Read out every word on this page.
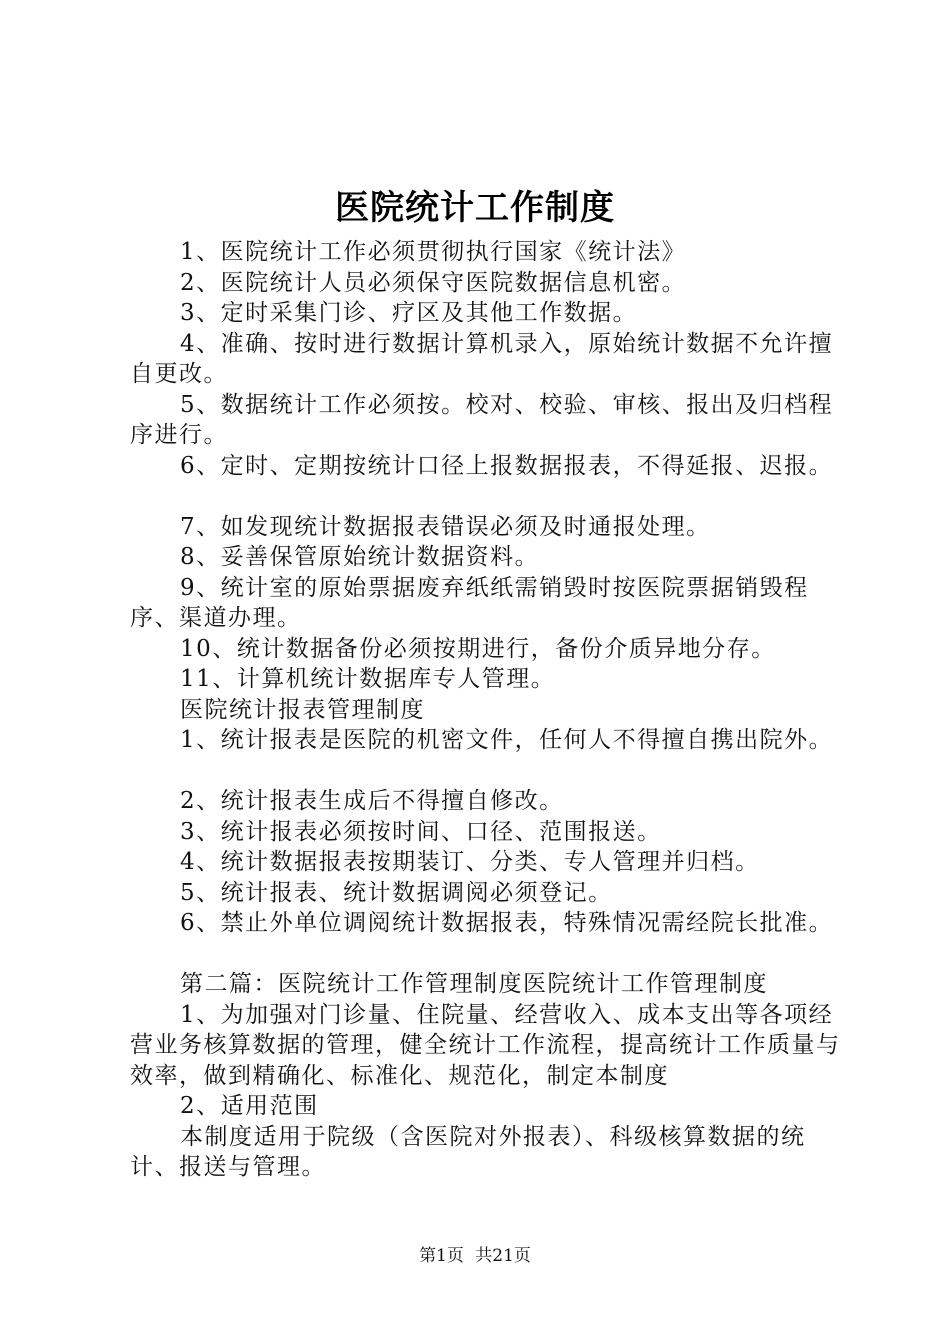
医院统计工作制度

1、医院统计工作必须贯彻执行国家《统计法》

2、医院统计人员必须保守医院数据信息机密。

3、定时采集门诊、疗区及其他工作数据。

4、准确、按时进行数据计算机录入，原始统计数据不允许擅自更改。

5、数据统计工作必须按。校对、校验、审核、报出及归档程序进行。

6、定时、定期按统计口径上报数据报表，不得延报、迟报。

7、如发现统计数据报表错误必须及时通报处理。

8、妥善保管原始统计数据资料。

9、统计室的原始票据废弃纸纸需销毁时按医院票据销毁程序、渠道办理。

10、统计数据备份必须按期进行，备份介质异地分存。

11、计算机统计数据库专人管理。

医院统计报表管理制度

1、统计报表是医院的机密文件，任何人不得擅自携出院外。

2、统计报表生成后不得擅自修改。

3、统计报表必须按时间、口径、范围报送。

4、统计数据报表按期装订、分类、专人管理并归档。

5、统计报表、统计数据调阅必须登记。

6、禁止外单位调阅统计数据报表，特殊情况需经院长批准。

第二篇：医院统计工作管理制度医院统计工作管理制度

1、为加强对门诊量、住院量、经营收入、成本支出等各项经营业务核算数据的管理，健全统计工作流程，提高统计工作质量与效率，做到精确化、标准化、规范化，制定本制度

2、适用范围

本制度适用于院级（含医院对外报表）、科级核算数据的统计、报送与管理。

第1页 共21页
